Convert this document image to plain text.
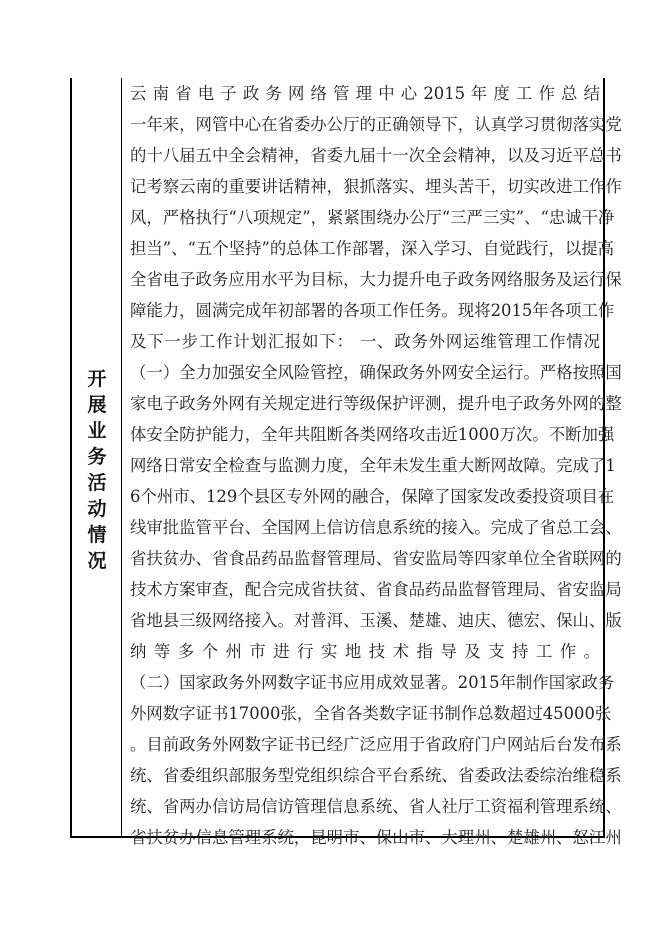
开
展
业
务
活
动
情
况
云 南 省 电 子 政 务 网 络 管 理 中 心 2015 年 度 工 作 总 结
一年来，网管中心在省委办公厅的正确领导下，认真学习贯彻落实党
的十八届五中全会精神，省委九届十一次全会精神，以及习近平总书
记考察云南的重要讲话精神，狠抓落实、埋头苦干，切实改进工作作
风，严格执行“八项规定”，紧紧围绕办公厅“三严三实”、“忠诚干净
担当”、“五个坚持”的总体工作部署，深入学习、自觉践行，以提高
全省电子政务应用水平为目标，大力提升电子政务网络服务及运行保
障能力，圆满完成年初部署的各项工作任务。现将2015年各项工作
及下一步工作计划汇报如下： 一、政务外网运维管理工作情况
（一）全力加强安全风险管控，确保政务外网安全运行。严格按照国
家电子政务外网有关规定进行等级保护评测，提升电子政务外网的整
体安全防护能力，全年共阻断各类网络攻击近1000万次。不断加强
网络日常安全检查与监测力度，全年未发生重大断网故障。完成了1
6个州市、129个县区专外网的融合，保障了国家发改委投资项目在
线审批监管平台、全国网上信访信息系统的接入。完成了省总工会、
省扶贫办、省食品药品监督管理局、省安监局等四家单位全省联网的
技术方案审查，配合完成省扶贫、省食品药品监督管理局、省安监局
省地县三级网络接入。对普洱、玉溪、楚雄、迪庆、德宏、保山、版
纳 等 多 个 州 市 进 行 实 地 技 术 指 导 及 支 持 工 作 。
（二）国家政务外网数字证书应用成效显著。2015年制作国家政务
外网数字证书17000张，全省各类数字证书制作总数超过45000张
。目前政务外网数字证书已经广泛应用于省政府门户网站后台发布系
统、省委组织部服务型党组织综合平台系统、省委政法委综治维稳系
统、省两办信访局信访管理信息系统、省人社厅工资福利管理系统、
省扶贫办信息管理系统，昆明市、保山市、大理州、楚雄州、怒江州
